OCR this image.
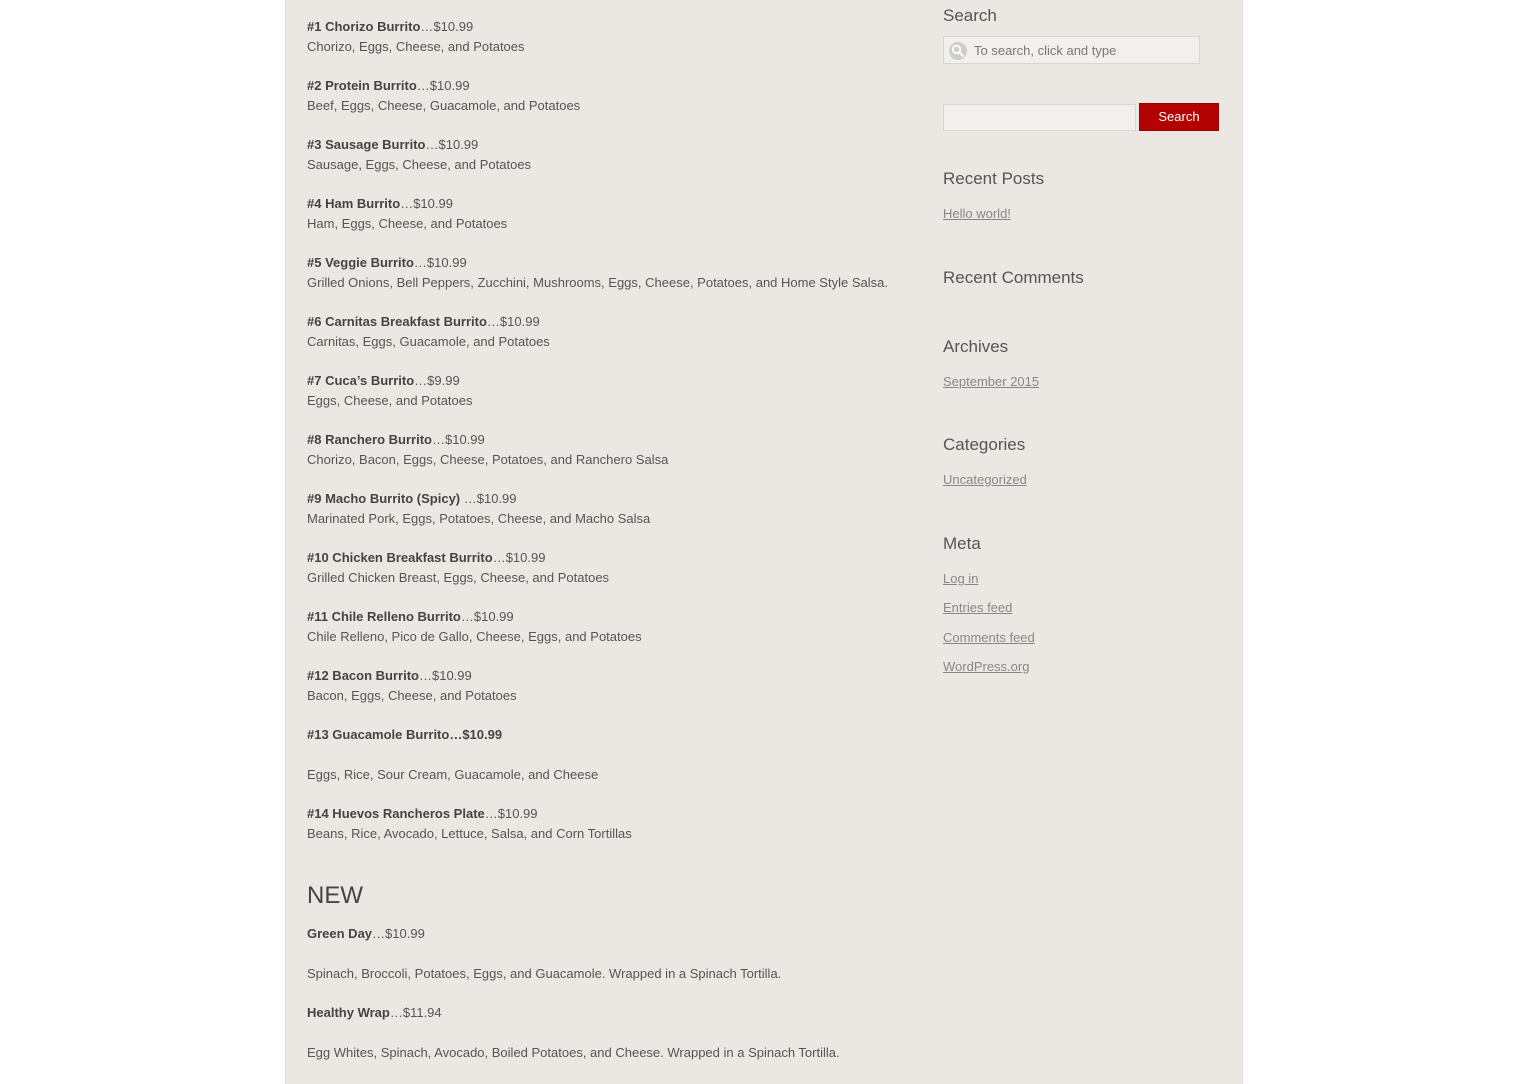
#1 Chorizo Burrito…$10.99
Chorizo, Eggs, Cheese, and Potatoes
#2 Protein Burrito…$10.99
Beef, Eggs, Cheese, Guacamole, and Potatoes
#3 Sausage Burrito…$10.99
Sausage, Eggs, Cheese, and Potatoes
#4 Ham Burrito…$10.99
Ham, Eggs, Cheese, and Potatoes
#5 Veggie Burrito…$10.99
Grilled Onions, Bell Peppers, Zucchini, Mushrooms, Eggs, Cheese, Potatoes, and Home Style Salsa.
#6 Carnitas Breakfast Burrito…$10.99
Carnitas, Eggs, Guacamole, and Potatoes
#7 Cuca’s Burrito…$9.99
Eggs, Cheese, and Potatoes
#8 Ranchero Burrito…$10.99
Chorizo, Bacon, Eggs, Cheese, Potatoes, and Ranchero Salsa
#9 Macho Burrito (Spicy) …$10.99
Marinated Pork, Eggs, Potatoes, Cheese, and Macho Salsa
#10 Chicken Breakfast Burrito…$10.99
Grilled Chicken Breast, Eggs, Cheese, and Potatoes
#11 Chile Relleno Burrito…$10.99
Chile Relleno, Pico de Gallo, Cheese, Eggs, and Potatoes
#12 Bacon Burrito…$10.99
Bacon, Eggs, Cheese, and Potatoes
#13 Guacamole Burrito…$10.99
Eggs, Rice, Sour Cream, Guacamole, and Cheese
#14 Huevos Rancheros Plate…$10.99
Beans, Rice, Avocado, Lettuce, Salsa, and Corn Tortillas
NEW
Green Day…$10.99
Spinach, Broccoli, Potatoes, Eggs, and Guacamole. Wrapped in a Spinach Tortilla.
Healthy Wrap…$11.94
Egg Whites, Spinach, Avocado, Boiled Potatoes, and Cheese. Wrapped in a Spinach Tortilla.
Search
To search, click and type
Search
Recent Posts
Hello world!
Recent Comments
Archives
September 2015
Categories
Uncategorized
Meta
Log in
Entries feed
Comments feed
WordPress.org
